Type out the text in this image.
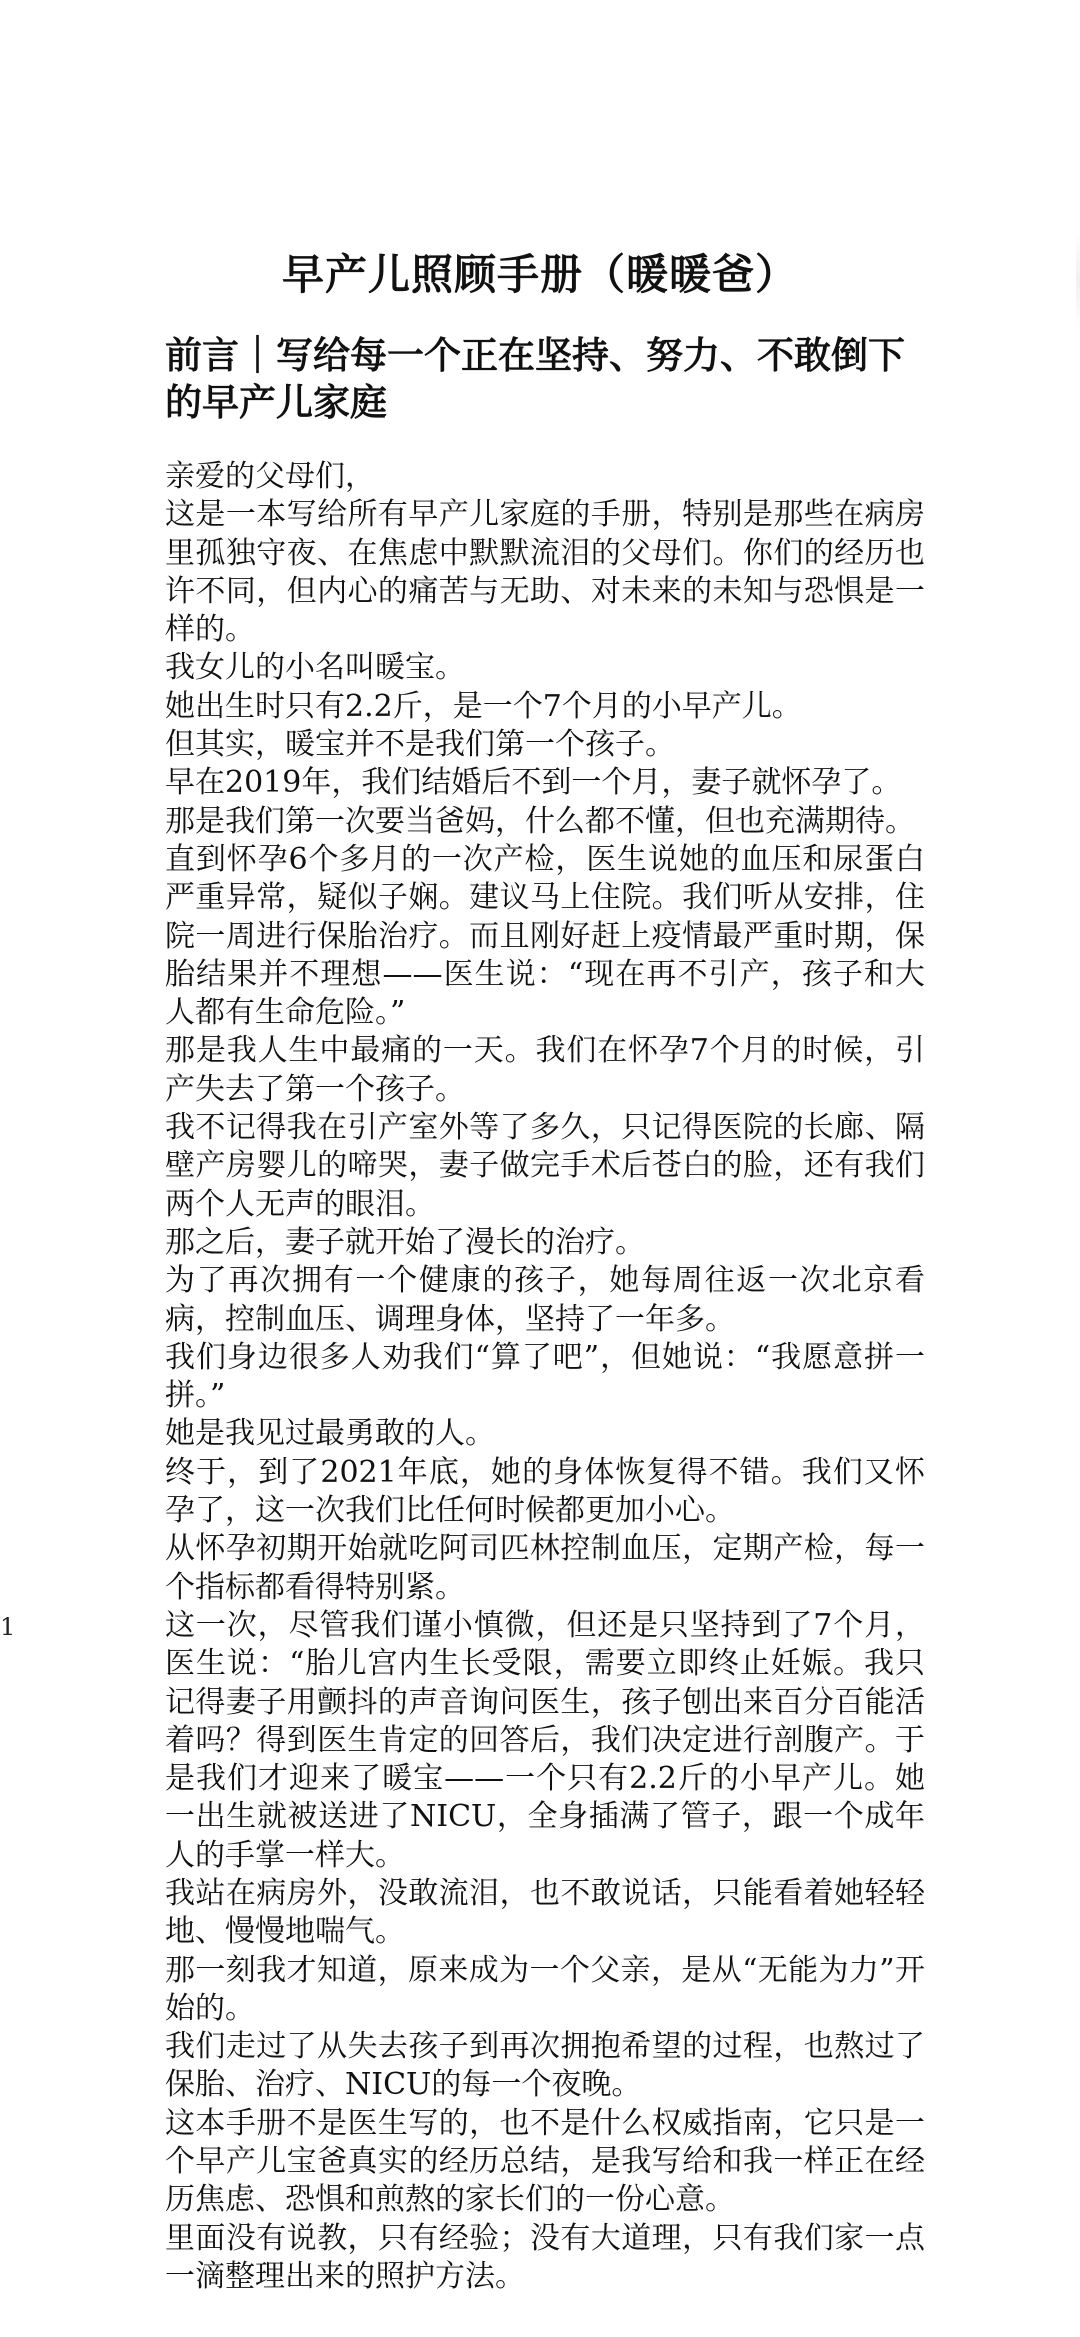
早产儿照顾手册（暖暖爸）
前言｜写给每一个正在坚持、努力、不敢倒下的早产儿家庭

亲爱的父母们，

这是一本写给所有早产儿家庭的手册，特别是那些在病房里孤独守夜、在焦虑中默默流泪的父母们。你们的经历也许不同，但内心的痛苦与无助、对未来的未知与恐惧是一样的。

我女儿的小名叫暖宝。

她出生时只有2.2斤，是一个7个月的小早产儿。

但其实，暖宝并不是我们第一个孩子。

早在2019年，我们结婚后不到一个月，妻子就怀孕了。

那是我们第一次要当爸妈，什么都不懂，但也充满期待。

直到怀孕6个多月的一次产检，医生说她的血压和尿蛋白严重异常，疑似子娴。建议马上住院。我们听从安排，住院一周进行保胎治疗。而且刚好赶上疫情最严重时期，保胎结果并不理想——医生说：“现在再不引产，孩子和大人都有生命危险。”

那是我人生中最痛的一天。我们在怀孕7个月的时候，引产失去了第一个孩子。

我不记得我在引产室外等了多久，只记得医院的长廊、隔壁产房婴儿的啼哭，妻子做完手术后苍白的脸，还有我们两个人无声的眼泪。

那之后，妻子就开始了漫长的治疗。

为了再次拥有一个健康的孩子，她每周往返一次北京看病，控制血压、调理身体，坚持了一年多。

我们身边很多人劝我们“算了吧”，但她说：“我愿意拼一拼。”

她是我见过最勇敢的人。

终于，到了2021年底，她的身体恢复得不错。我们又怀孕了，这一次我们比任何时候都更加小心。

从怀孕初期开始就吃阿司匹林控制血压，定期产检，每一个指标都看得特别紧。

这一次，尽管我们谨小慎微，但还是只坚持到了7个月，医生说：“胎儿宫内生长受限，需要立即终止妊娠。我只记得妻子用颤抖的声音询问医生，孩子刨出来百分百能活着吗？得到医生肯定的回答后，我们决定进行剖腹产。于是我们才迎来了暖宝——一个只有2.2斤的小早产儿。她一出生就被送进了NICU，全身插满了管子，跟一个成年人的手掌一样大。

我站在病房外，没敢流泪，也不敢说话，只能看着她轻轻地、慢慢地喘气。

那一刻我才知道，原来成为一个父亲，是从“无能为力”开始的。

我们走过了从失去孩子到再次拥抱希望的过程，也熬过了保胎、治疗、NICU的每一个夜晚。

这本手册不是医生写的，也不是什么权威指南，它只是一个早产儿宝爸真实的经历总结，是我写给和我一样正在经历焦虑、恐惧和煎熬的家长们的一份心意。

里面没有说教，只有经验；没有大道理，只有我们家一点一滴整理出来的照护方法。

1
